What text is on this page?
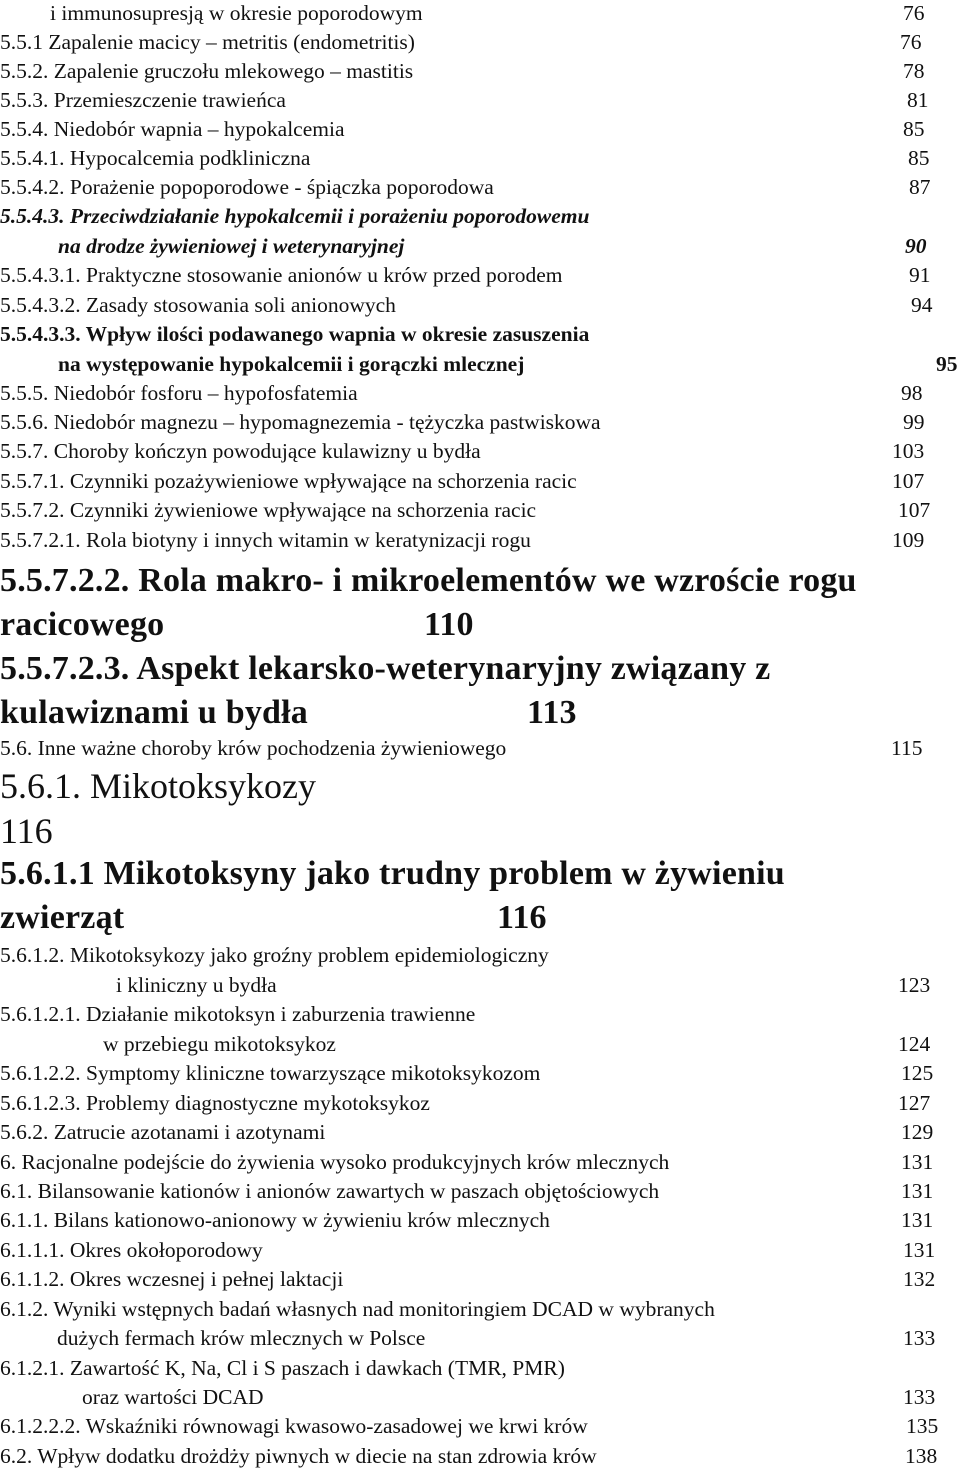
i immunosupresją w okresie poporodowym	76
5.5.1 Zapalenie macicy – metritis (endometritis)	76
5.5.2. Zapalenie gruczołu mlekowego – mastitis	78
5.5.3. Przemieszczenie trawieńca	81
5.5.4. Niedobór wapnia – hypokalcemia	85
5.5.4.1. Hypocalcemia podkliniczna	85
5.5.4.2. Porażenie popoporodowe - śpiączka poporodowa	87
5.5.4.3. Przeciwdziałanie hypokalcemii i porażeniu poporodowemu
na drodze żywieniowej i weterynaryjnej	90
5.5.4.3.1. Praktyczne stosowanie anionów u krów przed porodem	91
5.5.4.3.2. Zasady stosowania soli anionowych	94
5.5.4.3.3. Wpływ ilości podawanego wapnia w okresie zasuszenia
na występowanie hypokalcemii i gorączki mlecznej	95
5.5.5. Niedobór fosforu – hypofosfatemia	98
5.5.6. Niedobór magnezu – hypomagnezemia - tężyczka pastwiskowa	99
5.5.7. Choroby kończyn powodujące kulawizny u bydła	103
5.5.7.1. Czynniki pozażywieniowe wpływające na schorzenia racic	107
5.5.7.2. Czynniki żywieniowe wpływające na schorzenia racic	107
5.5.7.2.1. Rola biotyny i innych witamin w keratynizacji rogu	109
5.5.7.2.2. Rola makro- i mikroelementów we wzroście rogu
racicowego	110
5.5.7.2.3. Aspekt lekarsko-weterynaryjny związany z
kulawiznami u bydła	113
5.6. Inne ważne choroby krów pochodzenia żywieniowego	115
5.6.1. Mikotoksykozy
116
5.6.1.1 Mikotoksyny jako trudny problem w żywieniu
zwierząt	116
5.6.1.2. Mikotoksykozy jako groźny problem epidemiologiczny
i kliniczny u bydła	123
5.6.1.2.1. Działanie mikotoksyn i zaburzenia trawienne
w przebiegu mikotoksykoz	124
5.6.1.2.2. Symptomy kliniczne towarzyszące mikotoksykozom	125
5.6.1.2.3. Problemy diagnostyczne mykotoksykoz	127
5.6.2. Zatrucie azotanami i azotynami	129
6. Racjonalne podejście do żywienia wysoko produkcyjnych krów mlecznych	131
6.1. Bilansowanie kationów i anionów zawartych w paszach objętościowych	131
6.1.1. Bilans kationowo-anionowy w żywieniu krów mlecznych	131
6.1.1.1. Okres okołoporodowy	131
6.1.1.2. Okres wczesnej i pełnej laktacji	132
6.1.2. Wyniki wstępnych badań własnych nad monitoringiem DCAD w wybranych
dużych fermach krów mlecznych w Polsce	133
6.1.2.1. Zawartość K, Na, Cl i S paszach i dawkach (TMR, PMR)
oraz wartości DCAD	133
6.1.2.2.2. Wskaźniki równowagi kwasowo-zasadowej we krwi krów	135
6.2. Wpływ dodatku drożdży piwnych w diecie na stan zdrowia krów	138
